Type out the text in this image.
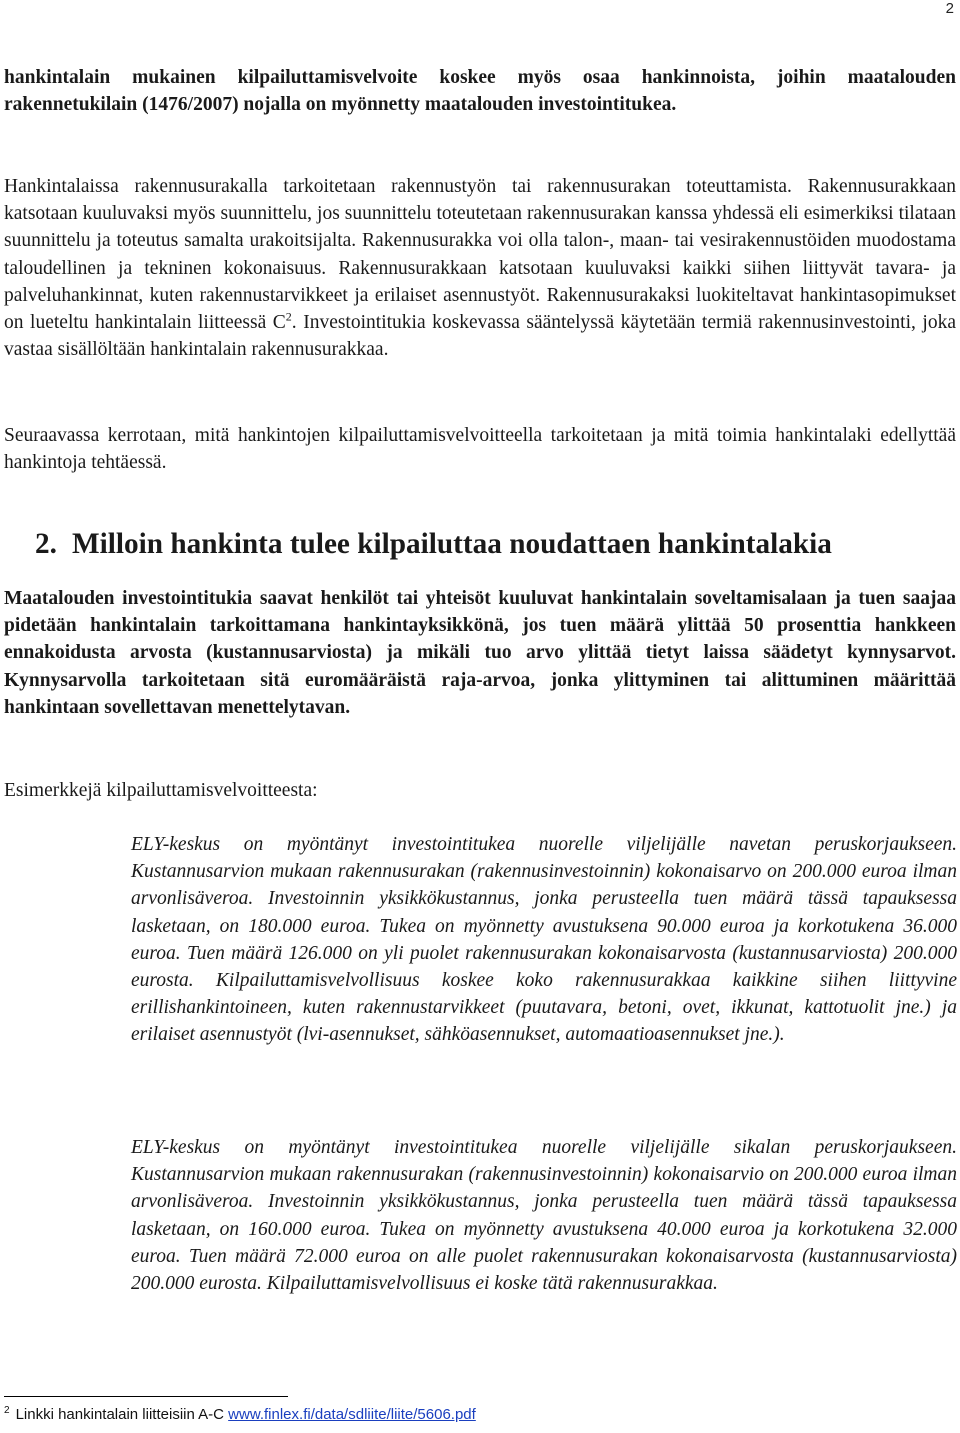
2

hankintalain mukainen kilpailuttamisvelvoite koskee myös osaa hankinnoista, joihin maatalouden rakennetukilain (1476/2007) nojalla on myönnetty maatalouden investointitukea.

Hankintalaissa rakennusurakalla tarkoitetaan rakennustyön tai rakennusurakan toteuttamista. Rakennusurakkaan katsotaan kuuluvaksi myös suunnittelu, jos suunnittelu toteutetaan rakennusurakan kanssa yhdessä eli esimerkiksi tilataan suunnittelu ja toteutus samalta urakoitsijalta. Rakennusurakka voi olla talon-, maan- tai vesirakennustöiden muodostama taloudellinen ja tekninen kokonaisuus. Rakennusurakkaan katsotaan kuuluvaksi kaikki siihen liittyvät tavara- ja palveluhankinnat, kuten rakennustarvikkeet ja erilaiset asennustyöt. Rakennusurakaksi luokiteltavat hankintasopimukset on lueteltu hankintalain liitteessä $C^2$. Investointitukia koskevassa sääntelyssä käytetään termiä rakennusinvestointi, joka vastaa sisällöltään hankintalain rakennusurakkaa.

Seuraavassa kerrotaan, mitä hankintojen kilpailuttamisvelvoitteella tarkoitetaan ja mitä toimia hankintalaki edellyttää hankintoja tehtäessä.

2. Milloin hankinta tulee kilpailuttaa noudattaen hankintalakia

Maatalouden investointitukia saavat henkilöt tai yhteisöt kuuluvat hankintalain soveltamisalaan ja tuen saajaa pidetään hankintalain tarkoittamana hankintayksikkönä, jos tuen määrä ylittää 50 prosenttia hankkeen ennakoidusta arvosta (kustannusarviosta) ja mikäli tuo arvo ylittää tietyt laissa säädetyt kynnysarvot. Kynnysarvolla tarkoitetaan sitä euromääräistä raja-arvoa, jonka ylittyminen tai alittuminen määrittää hankintaan sovellettavan menettelytavan.

Esimerkkejä kilpailuttamisvelvoitteesta:

ELY-keskus on myöntänyt investointitukea nuorelle viljelijälle navetan peruskorjaukseen. Kustannusarvion mukaan rakennusurakan (rakennusinvestoinnin) kokonaisarvo on 200.000 euroa ilman arvonlisäveroa. Investoinnin yksikkökustannus, jonka perusteella tuen määrä tässä tapauksessa lasketaan, on 180.000 euroa. Tukea on myönnetty avustuksena 90.000 euroa ja korkotukena 36.000 euroa. Tuen määrä 126.000 on yli puolet rakennusurakan kokonaisarvosta (kustannusarviosta) 200.000 eurosta. Kilpailuttamisvelvollisuus koskee koko rakennusurakkaa kaikkine siihen liittyvine erillishankintoineen, kuten rakennustarvikkeet (puutavara, betoni, ovet, ikkunat, kattotuolit jne.) ja erilaiset asennustyöt (lvi-asennukset, sähköasennukset, automaatioasennukset jne.).

ELY-keskus on myöntänyt investointitukea nuorelle viljelijälle sikalan peruskorjaukseen. Kustannusarvion mukaan rakennusurakan (rakennusinvestoinnin) kokonaisarvio on 200.000 euroa ilman arvonlisäveroa. Investoinnin yksikkökustannus, jonka perusteella tuen määrä tässä tapauksessa lasketaan, on 160.000 euroa. Tukea on myönnetty avustuksena 40.000 euroa ja korkotukena 32.000 euroa. Tuen määrä 72.000 euroa on alle puolet rakennusurakan kokonaisarvosta (kustannusarviosta) 200.000 eurosta. Kilpailuttamisvelvollisuus ei koske tätä rakennusurakkaa.

$^2$ Linkki hankintalain liitteisiin A-C www.finlex.fi/data/sdliite/liite/5606.pdf
